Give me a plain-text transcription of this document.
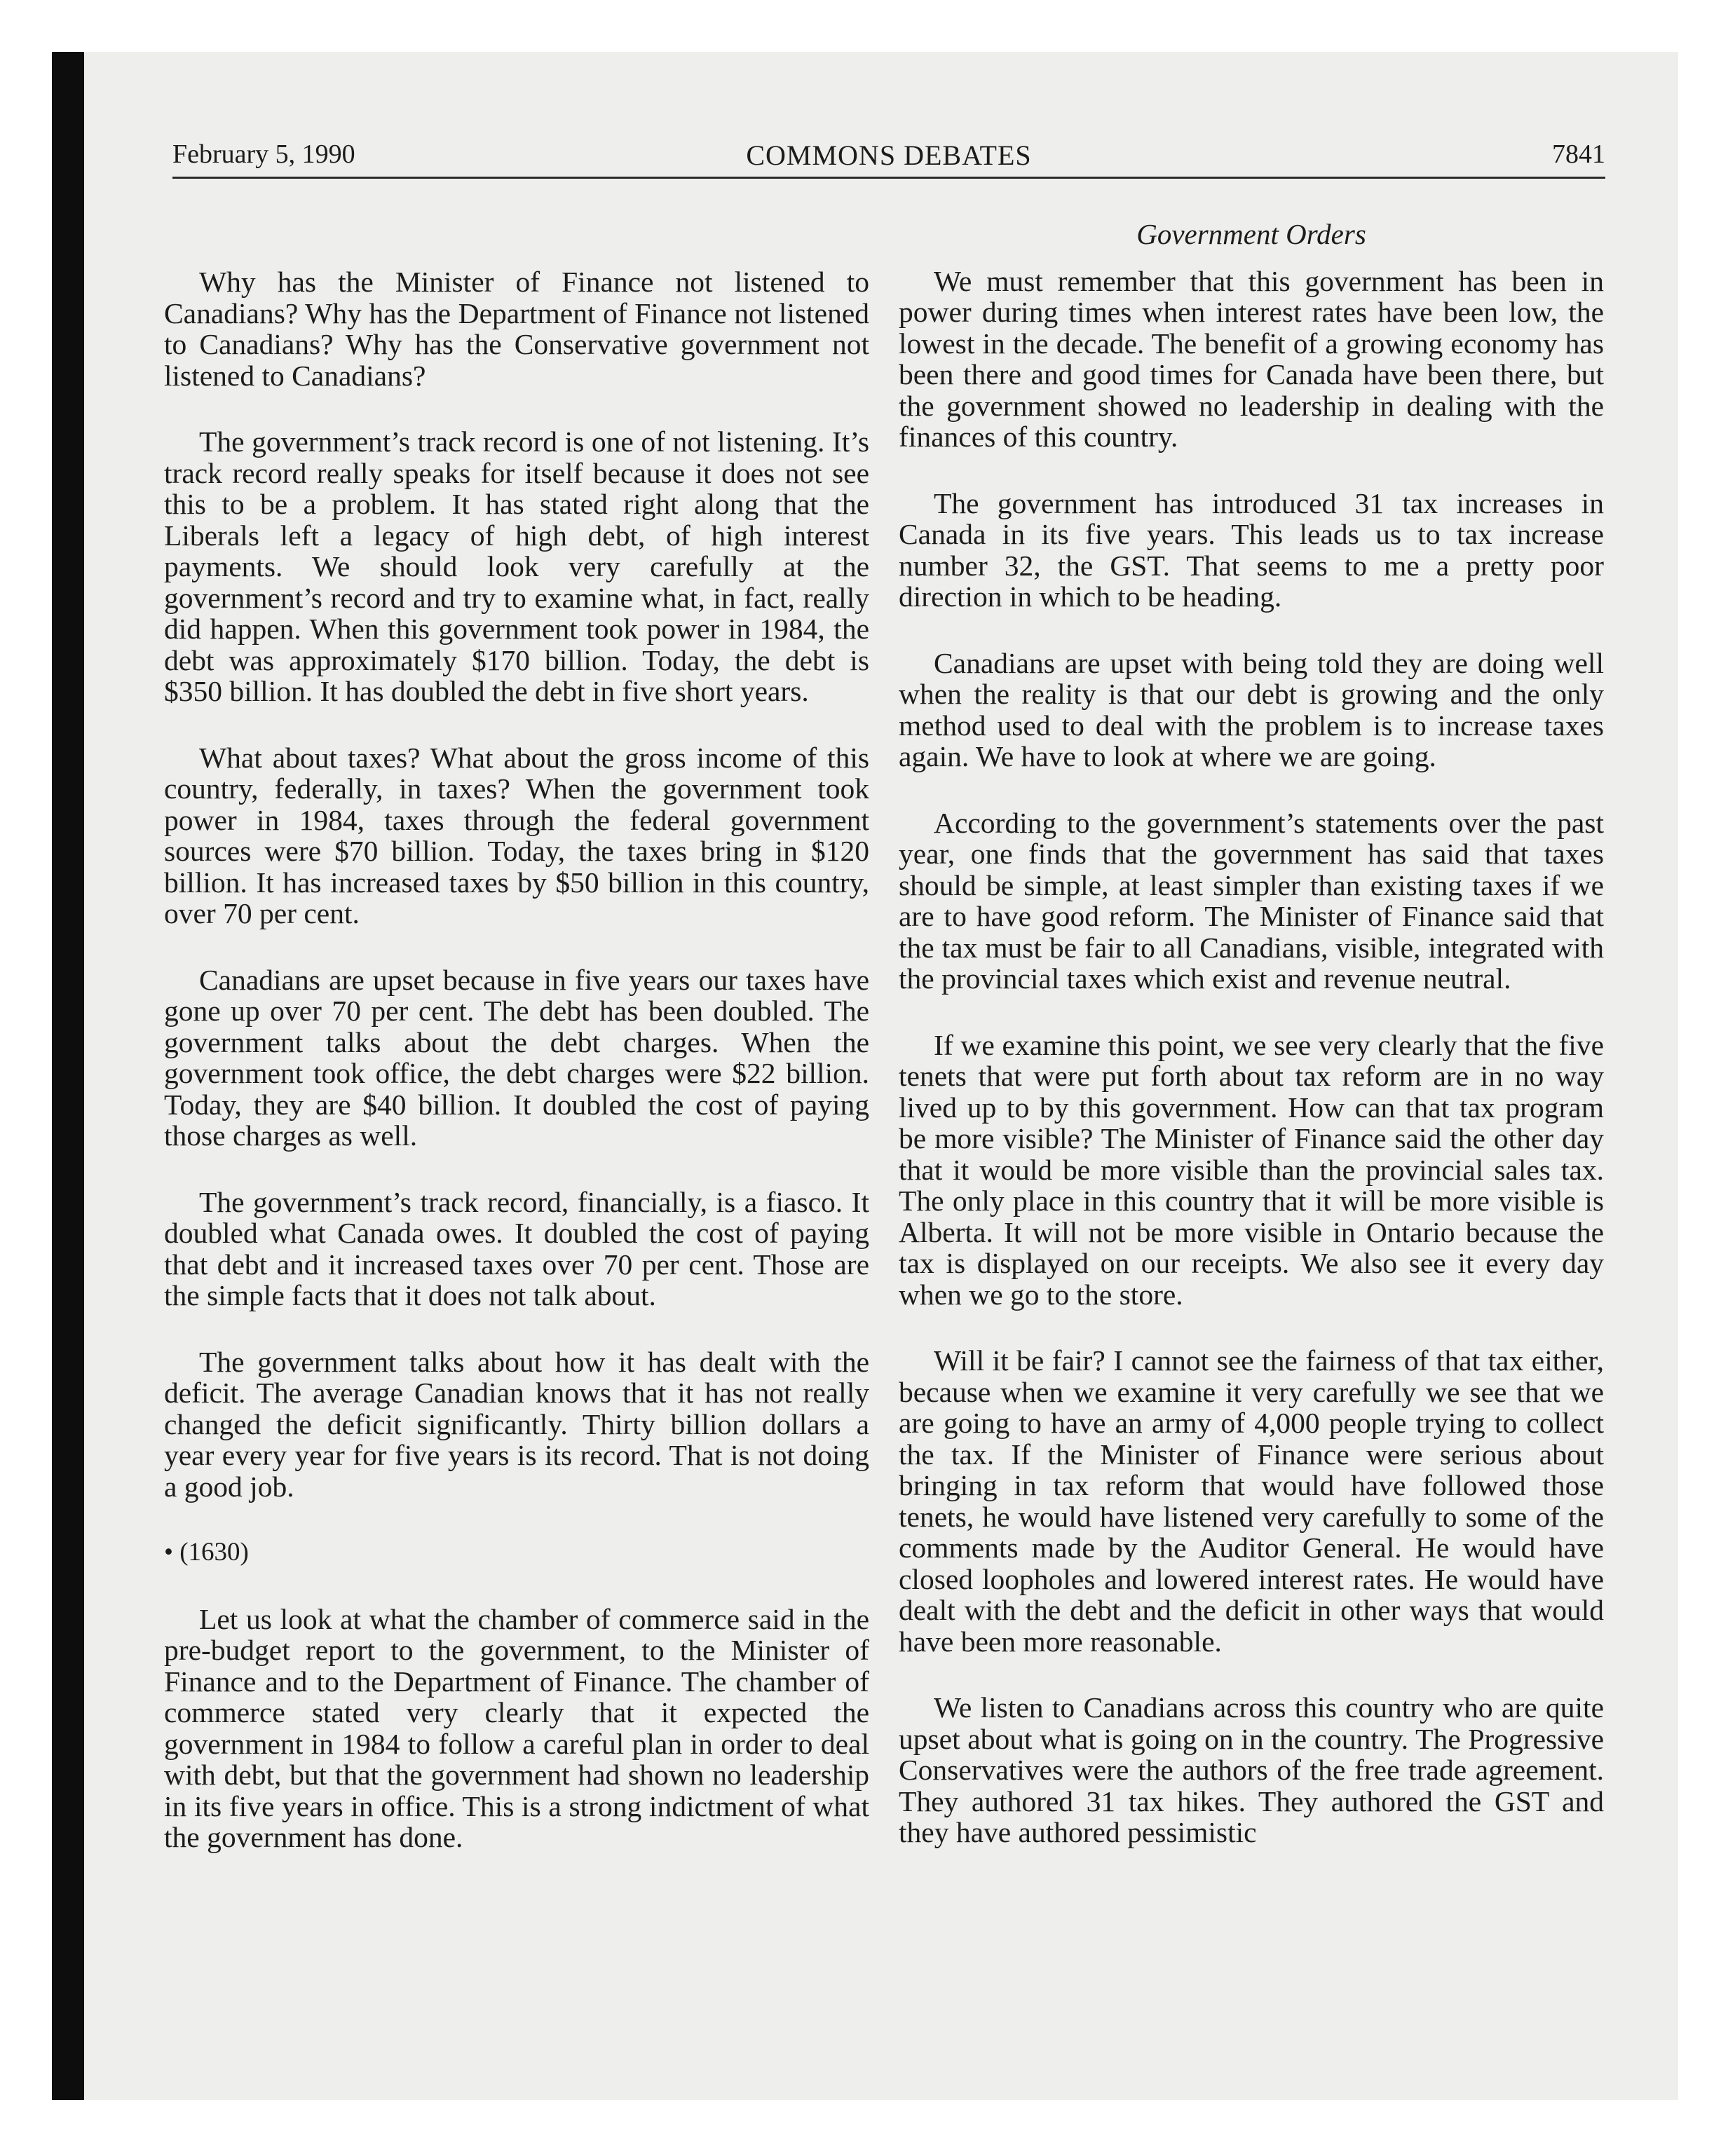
February 5, 1990	COMMONS DEBATES	7841

Why has the Minister of Finance not listened to Canadians? Why has the Department of Finance not listened to Canadians? Why has the Conservative government not listened to Canadians?

The government’s track record is one of not listening. It’s track record really speaks for itself because it does not see this to be a problem. It has stated right along that the Liberals left a legacy of high debt, of high interest payments. We should look very carefully at the government’s record and try to examine what, in fact, really did happen. When this government took power in 1984, the debt was approximately $170 billion. Today, the debt is $350 billion. It has doubled the debt in five short years.

What about taxes? What about the gross income of this country, federally, in taxes? When the government took power in 1984, taxes through the federal government sources were $70 billion. Today, the taxes bring in $120 billion. It has increased taxes by $50 billion in this country, over 70 per cent.

Canadians are upset because in five years our taxes have gone up over 70 per cent. The debt has been doubled. The government talks about the debt charges. When the government took office, the debt charges were $22 billion. Today, they are $40 billion. It doubled the cost of paying those charges as well.

The government’s track record, financially, is a fiasco. It doubled what Canada owes. It doubled the cost of paying that debt and it increased taxes over 70 per cent. Those are the simple facts that it does not talk about.

The government talks about how it has dealt with the deficit. The average Canadian knows that it has not really changed the deficit significantly. Thirty billion dollars a year every year for five years is its record. That is not doing a good job.

• (1630)

Let us look at what the chamber of commerce said in the pre-budget report to the government, to the Minister of Finance and to the Department of Finance. The chamber of commerce stated very clearly that it expected the government in 1984 to follow a careful plan in order to deal with debt, but that the government had shown no leadership in its five years in office. This is a strong indictment of what the government has done.

Government Orders

We must remember that this government has been in power during times when interest rates have been low, the lowest in the decade. The benefit of a growing economy has been there and good times for Canada have been there, but the government showed no leadership in dealing with the finances of this country.

The government has introduced 31 tax increases in Canada in its five years. This leads us to tax increase number 32, the GST. That seems to me a pretty poor direction in which to be heading.

Canadians are upset with being told they are doing well when the reality is that our debt is growing and the only method used to deal with the problem is to increase taxes again. We have to look at where we are going.

According to the government’s statements over the past year, one finds that the government has said that taxes should be simple, at least simpler than existing taxes if we are to have good reform. The Minister of Finance said that the tax must be fair to all Canadians, visible, integrated with the provincial taxes which exist and revenue neutral.

If we examine this point, we see very clearly that the five tenets that were put forth about tax reform are in no way lived up to by this government. How can that tax program be more visible? The Minister of Finance said the other day that it would be more visible than the provincial sales tax. The only place in this country that it will be more visible is Alberta. It will not be more visible in Ontario because the tax is displayed on our receipts. We also see it every day when we go to the store.

Will it be fair? I cannot see the fairness of that tax either, because when we examine it very carefully we see that we are going to have an army of 4,000 people trying to collect the tax. If the Minister of Finance were serious about bringing in tax reform that would have followed those tenets, he would have listened very carefully to some of the comments made by the Auditor General. He would have closed loopholes and lowered interest rates. He would have dealt with the debt and the deficit in other ways that would have been more reasonable.

We listen to Canadians across this country who are quite upset about what is going on in the country. The Progressive Conservatives were the authors of the free trade agreement. They authored 31 tax hikes. They authored the GST and they have authored pessimistic
